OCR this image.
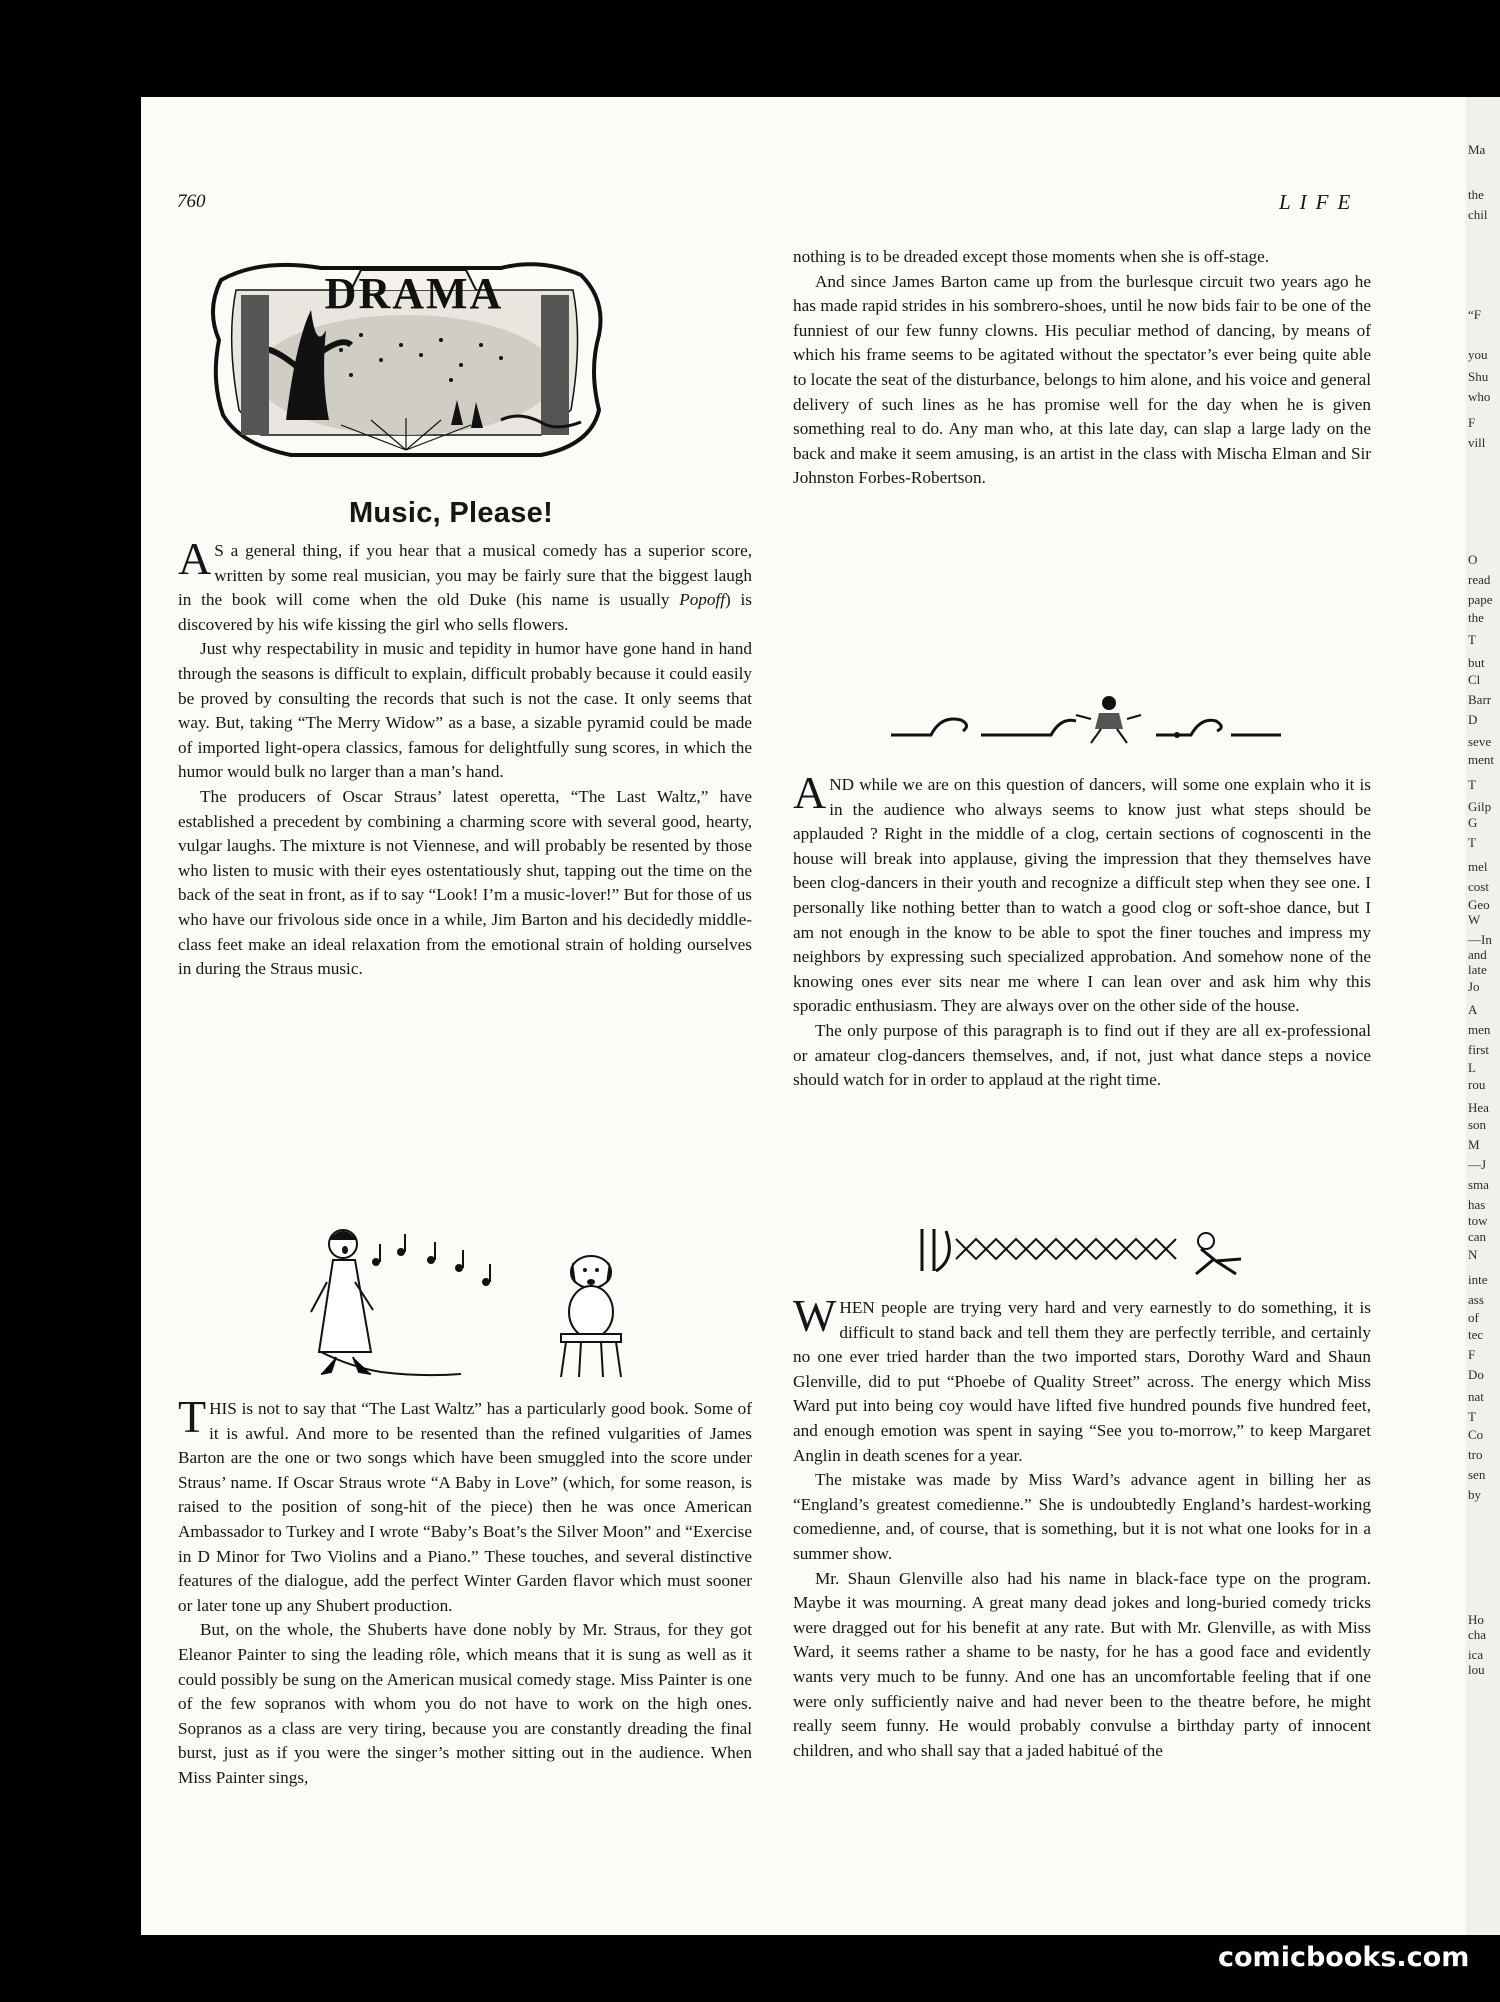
760	LIFE
DRAMA
Music, Please!

A S a general thing, if you hear that a musical comedy has a superior score, written by some real musician, you may be fairly sure that the biggest laugh in the book will come when the old Duke (his name is usually Popoff) is discovered by his wife kissing the girl who sells flowers.

Just why respectability in music and tepidity in humor have gone hand in hand through the seasons is difficult to explain, difficult probably because it could easily be proved by consulting the records that such is not the case. It only seems that way. But, taking “The Merry Widow” as a base, a sizable pyramid could be made of imported light-opera classics, famous for delightfully sung scores, in which the humor would bulk no larger than a man’s hand.

The producers of Oscar Straus’ latest operetta, “The Last Waltz,” have established a precedent by combining a charming score with several good, hearty, vulgar laughs. The mixture is not Viennese, and will probably be resented by those who listen to music with their eyes ostentatiously shut, tapping out the time on the back of the seat in front, as if to say “Look! I’m a music-lover!” But for those of us who have our frivolous side once in a while, Jim Barton and his decidedly middle-class feet make an ideal relaxation from the emotional strain of holding ourselves in during the Straus music.

THIS is not to say that “The Last Waltz” has a particularly good book. Some of it is awful. And more to be resented than the refined vulgarities of James Barton are the one or two songs which have been smuggled into the score under Straus’ name. If Oscar Straus wrote “A Baby in Love” (which, for some reason, is raised to the position of song-hit of the piece) then he was once American Ambassador to Turkey and I wrote “Baby’s Boat’s the Silver Moon” and “Exercise in D Minor for Two Violins and a Piano.” These touches, and several distinctive features of the dialogue, add the perfect Winter Garden flavor which must sooner or later tone up any Shubert production.

But, on the whole, the Shuberts have done nobly by Mr. Straus, for they got Eleanor Painter to sing the leading rôle, which means that it is sung as well as it could possibly be sung on the American musical comedy stage. Miss Painter is one of the few sopranos with whom you do not have to work on the high ones. Sopranos as a class are very tiring, because you are constantly dreading the final burst, just as if you were the singer’s mother sitting out in the audience. When Miss Painter sings,

nothing is to be dreaded except those moments when she is off-stage.

And since James Barton came up from the burlesque circuit two years ago he has made rapid strides in his sombrero-shoes, until he now bids fair to be one of the funniest of our few funny clowns. His peculiar method of dancing, by means of which his frame seems to be agitated without the spectator’s ever being quite able to locate the seat of the disturbance, belongs to him alone, and his voice and general delivery of such lines as he has promise well for the day when he is given something real to do. Any man who, at this late day, can slap a large lady on the back and make it seem amusing, is an artist in the class with Mischa Elman and Sir Johnston Forbes-Robertson.

AND while we are on this question of dancers, will some one explain who it is in the audience who always seems to know just what steps should be applauded ? Right in the middle of a clog, certain sections of cognoscenti in the house will break into applause, giving the impression that they themselves have been clog-dancers in their youth and recognize a difficult step when they see one. I personally like nothing better than to watch a good clog or soft-shoe dance, but I am not enough in the know to be able to spot the finer touches and impress my neighbors by expressing such specialized approbation. And somehow none of the knowing ones ever sits near me where I can lean over and ask him why this sporadic enthusiasm. They are always over on the other side of the house.

The only purpose of this paragraph is to find out if they are all ex-professional or amateur clog-dancers themselves, and, if not, just what dance steps a novice should watch for in order to applaud at the right time.

WHEN people are trying very hard and very earnestly to do something, it is difficult to stand back and tell them they are perfectly terrible, and certainly no one ever tried harder than the two imported stars, Dorothy Ward and Shaun Glenville, did to put “Phoebe of Quality Street” across. The energy which Miss Ward put into being coy would have lifted five hundred pounds five hundred feet, and enough emotion was spent in saying “See you to-morrow,” to keep Margaret Anglin in death scenes for a year.

The mistake was made by Miss Ward’s advance agent in billing her as “England’s greatest comedienne.” She is undoubtedly England’s hardest-working comedienne, and, of course, that is something, but it is not what one looks for in a summer show.

Mr. Shaun Glenville also had his name in black-face type on the program. Maybe it was mourning. A great many dead jokes and long-buried comedy tricks were dragged out for his benefit at any rate. But with Mr. Glenville, as with Miss Ward, it seems rather a shame to be nasty, for he has a good face and evidently wants very much to be funny. And one has an uncomfortable feeling that if one were only sufficiently naive and had never been to the theatre before, he might really seem funny. He would probably convulse a birthday party of innocent children, and who shall say that a jaded habitué of the

Ma
the
chil
“F
you
Shu
who
F
vill
O
read
pape
the
T
but
Cl
Barr
D
seve
ment
T
Gilp
G
T
mel
cost
Geo
W
—In
and
late
Jo
A
men
first
L
rou
Hea
son
M
—J
sma
has
tow
can
N
inte
ass
of
tec
F
Do
nat
T
Co
tro
sen
by
Ho
cha
ica
lou
comicbooks.com
